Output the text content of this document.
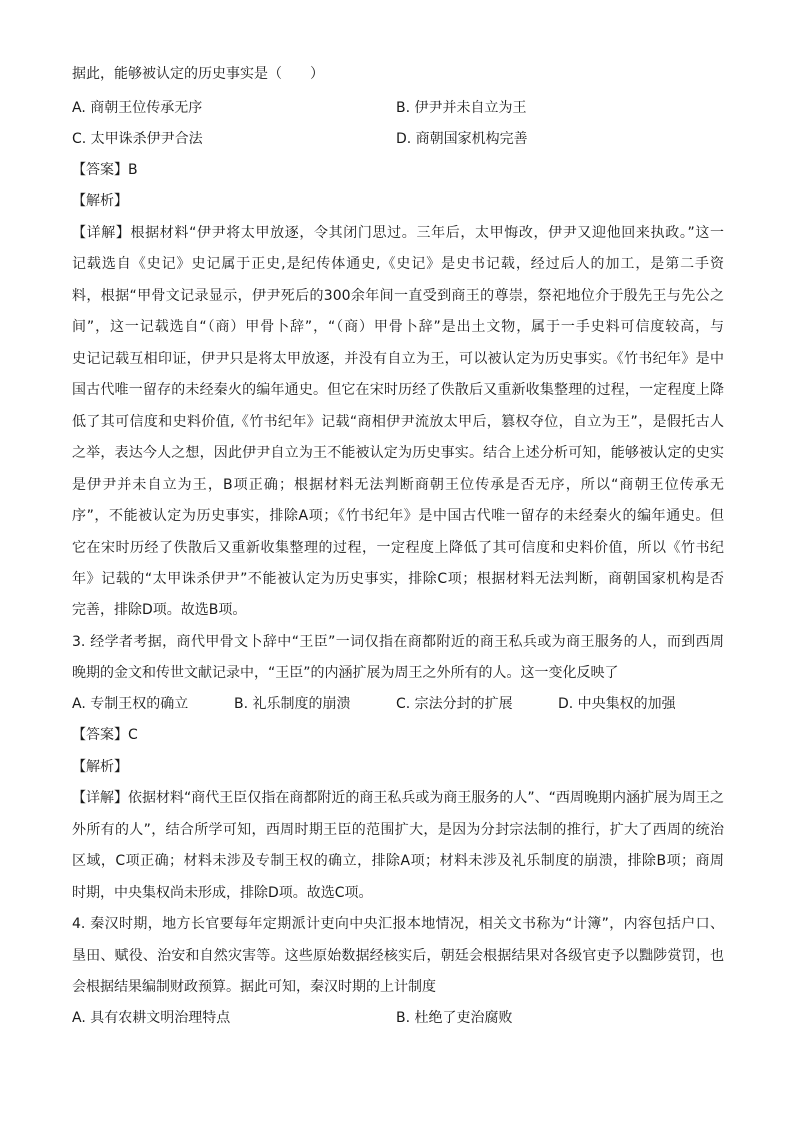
据此，能够被认定的历史事实是（　　）
A. 商朝王位传承无序	B. 伊尹并未自立为王
C. 太甲诛杀伊尹合法	D. 商朝国家机构完善
【答案】B
【解析】
【详解】根据材料“伊尹将太甲放逐，令其闭门思过。三年后，太甲悔改，伊尹又迎他回来执政。”这一
记载选自《史记》史记属于正史,是纪传体通史,《史记》是史书记载，经过后人的加工，是第二手资
料，根据“甲骨文记录显示，伊尹死后的300余年间一直受到商王的尊崇，祭祀地位介于殷先王与先公之
间”，这一记载选自“（商）甲骨卜辞”，“（商）甲骨卜辞”是出土文物，属于一手史料可信度较高，与
史记记载互相印证，伊尹只是将太甲放逐，并没有自立为王，可以被认定为历史事实。《竹书纪年》是中
国古代唯一留存的未经秦火的编年通史。但它在宋时历经了佚散后又重新收集整理的过程，一定程度上降
低了其可信度和史料价值,《竹书纪年》记载“商相伊尹流放太甲后，篡权夺位，自立为王”，是假托古人
之举，表达今人之想，因此伊尹自立为王不能被认定为历史事实。结合上述分析可知，能够被认定的史实
是伊尹并未自立为王，B项正确；根据材料无法判断商朝王位传承是否无序，所以“商朝王位传承无
序”，不能被认定为历史事实，排除A项；《竹书纪年》是中国古代唯一留存的未经秦火的编年通史。但
它在宋时历经了佚散后又重新收集整理的过程，一定程度上降低了其可信度和史料价值，所以《竹书纪
年》记载的“太甲诛杀伊尹”不能被认定为历史事实，排除C项；根据材料无法判断，商朝国家机构是否
完善，排除D项。故选B项。
3. 经学者考据，商代甲骨文卜辞中“王臣”一词仅指在商都附近的商王私兵或为商王服务的人，而到西周
晚期的金文和传世文献记录中，“王臣”的内涵扩展为周王之外所有的人。这一变化反映了
A. 专制王权的确立	B. 礼乐制度的崩溃	C. 宗法分封的扩展	D. 中央集权的加强
【答案】C
【解析】
【详解】依据材料“商代王臣仅指在商都附近的商王私兵或为商王服务的人”、“西周晚期内涵扩展为周王之
外所有的人”，结合所学可知，西周时期王臣的范围扩大，是因为分封宗法制的推行，扩大了西周的统治
区域，C项正确；材料未涉及专制王权的确立，排除A项；材料未涉及礼乐制度的崩溃，排除B项；商周
时期，中央集权尚未形成，排除D项。故选C项。
4. 秦汉时期，地方长官要每年定期派计吏向中央汇报本地情况，相关文书称为“计簿”，内容包括户口、
垦田、赋役、治安和自然灾害等。这些原始数据经核实后，朝廷会根据结果对各级官吏予以黜陟赏罚，也
会根据结果编制财政预算。据此可知，秦汉时期的上计制度
A. 具有农耕文明治理特点	B. 杜绝了吏治腐败
